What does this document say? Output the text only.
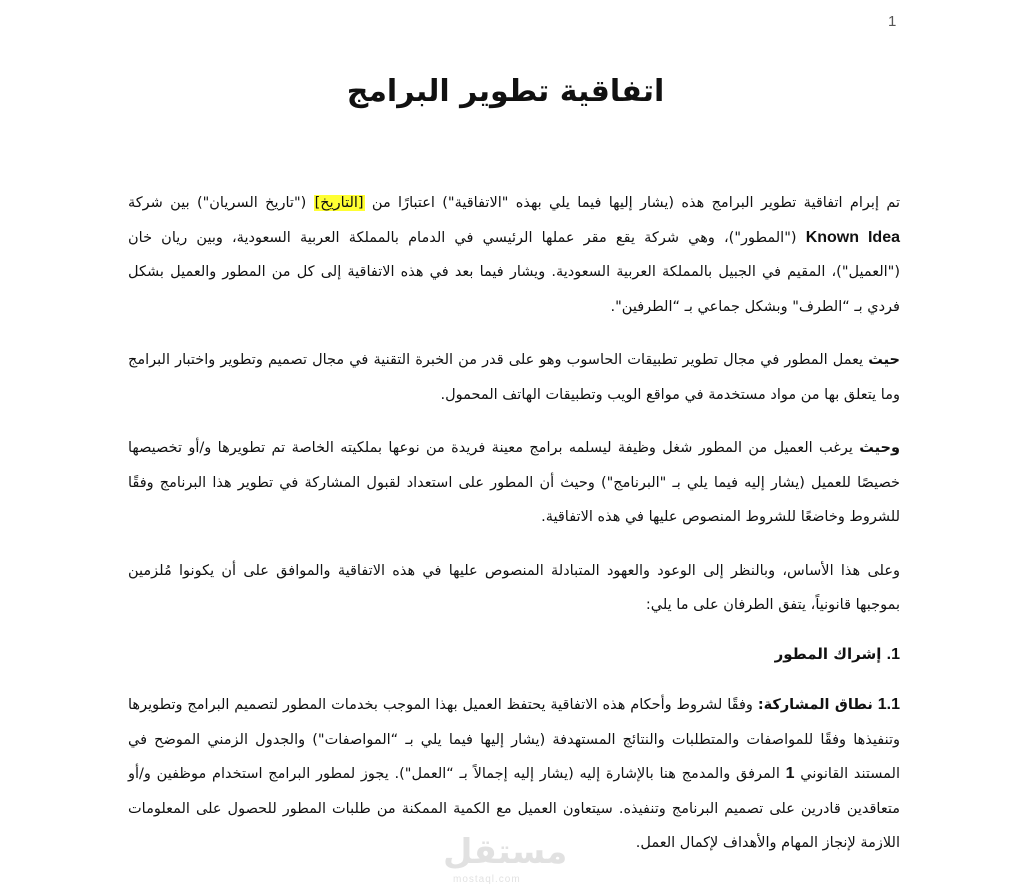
1
اتفاقية تطوير البرامج

تم إبرام اتفاقية تطوير البرامج هذه (يشار إليها فيما يلي بهذه "الاتفاقية") اعتبارًا من [التاريخ] ("تاريخ السريان") بين شركة Known Idea ("المطور")، وهي شركة يقع مقر عملها الرئيسي في الدمام بالمملكة العربية السعودية، وبين ريان خان ("العميل")، المقيم في الجبيل بالمملكة العربية السعودية. ويشار فيما بعد في هذه الاتفاقية إلى كل من المطور والعميل بشكل فردي بـ “الطرف" وبشكل جماعي بـ “الطرفين".

حيث يعمل المطور في مجال تطوير تطبيقات الحاسوب وهو على قدر من الخبرة التقنية في مجال تصميم وتطوير واختبار البرامج وما يتعلق بها من مواد مستخدمة في مواقع الويب وتطبيقات الهاتف المحمول.

وحيث يرغب العميل من المطور شغل وظيفة ليسلمه برامج معينة فريدة من نوعها بملكيته الخاصة تم تطويرها و/أو تخصيصها خصيصًا للعميل (يشار إليه فيما يلي بـ "البرنامج") وحيث أن المطور على استعداد لقبول المشاركة في تطوير هذا البرنامج وفقًا للشروط وخاضعًا للشروط المنصوص عليها في هذه الاتفاقية.

وعلى هذا الأساس، وبالنظر إلى الوعود والعهود المتبادلة المنصوص عليها في هذه الاتفاقية والموافق على أن يكونوا مُلزمين بموجبها قانونياً، يتفق الطرفان على ما يلي:

1. إشراك المطور

1.1 نطاق المشاركة: وفقًا لشروط وأحكام هذه الاتفاقية يحتفظ العميل بهذا الموجب بخدمات المطور لتصميم البرامج وتطويرها وتنفيذها وفقًا للمواصفات والمتطلبات والنتائج المستهدفة (يشار إليها فيما يلي بـ “المواصفات") والجدول الزمني الموضح في المستند القانوني 1 المرفق والمدمج هنا بالإشارة إليه (يشار إليه إجمالاً بـ “العمل"). يجوز لمطور البرامج استخدام موظفين و/أو متعاقدين قادرين على تصميم البرنامج وتنفيذه. سيتعاون العميل مع الكمية الممكنة من طلبات المطور للحصول على المعلومات اللازمة لإنجاز المهام والأهداف لإكمال العمل.

مستقل
mostaql.com
